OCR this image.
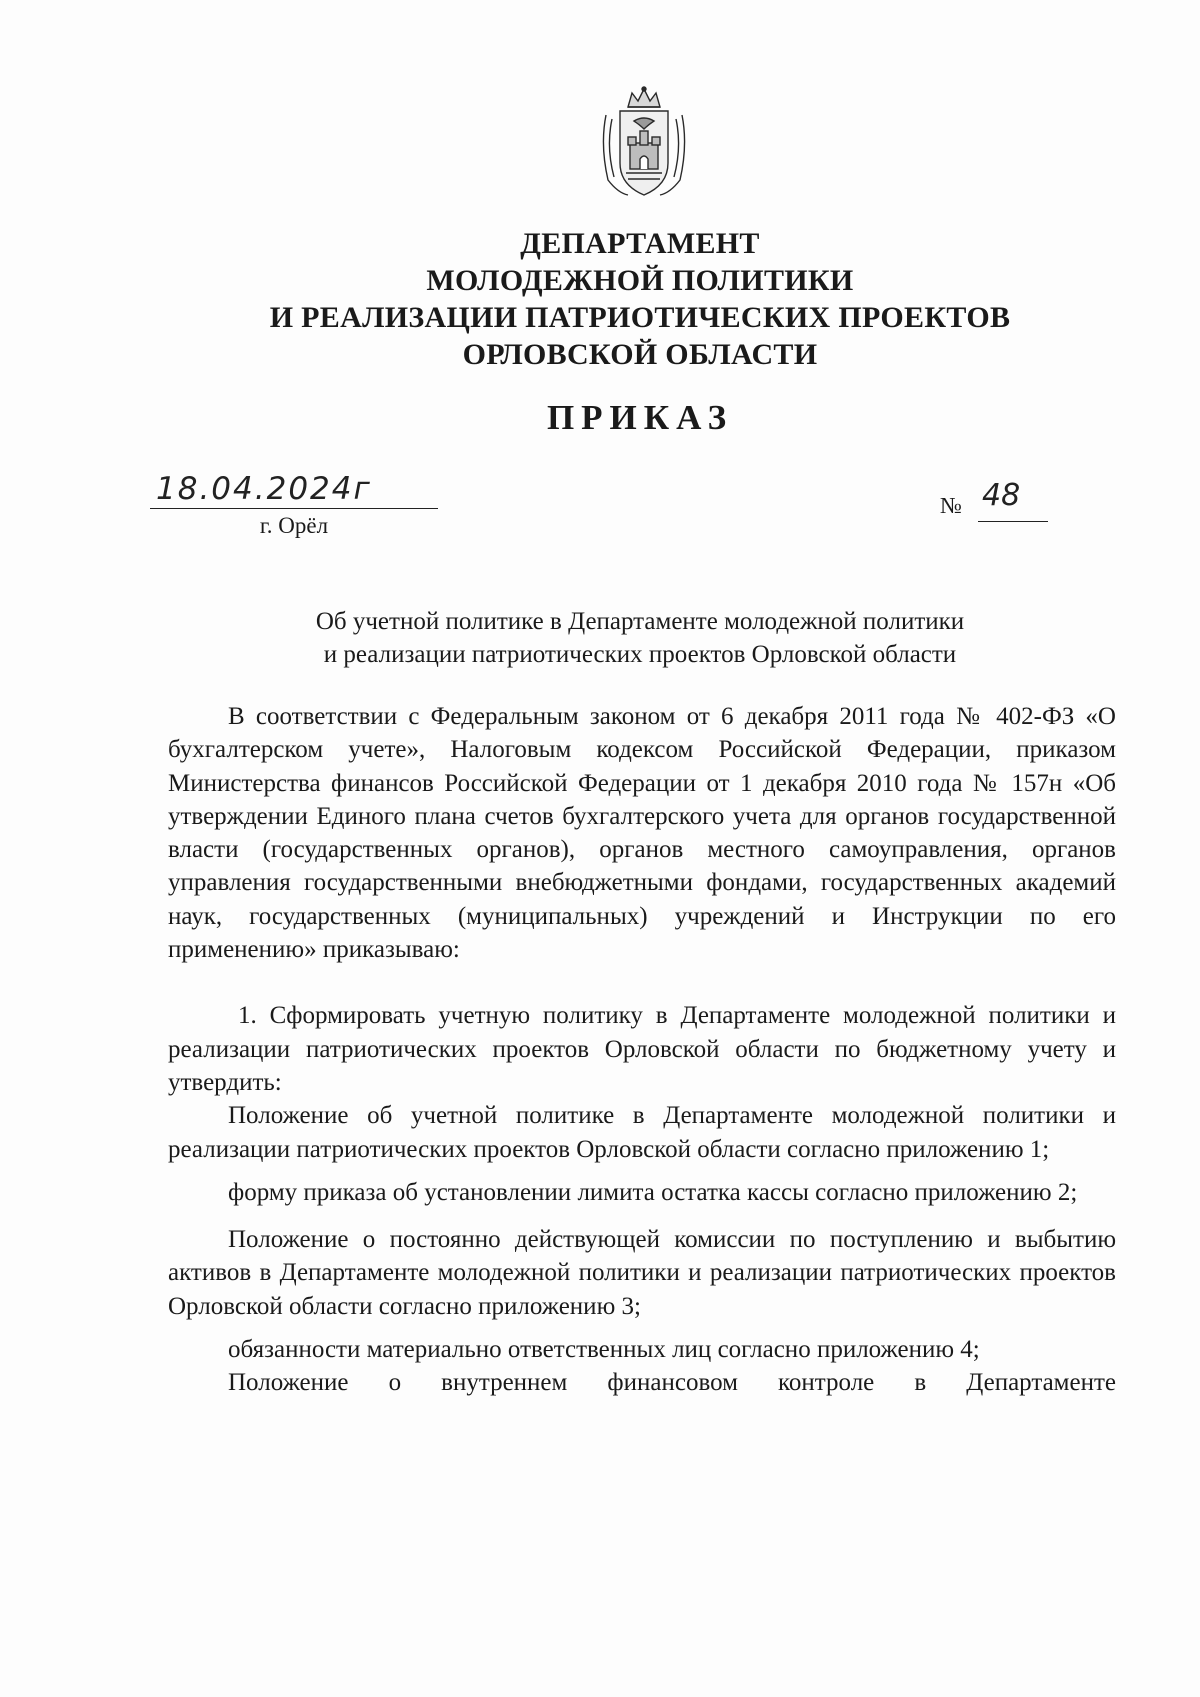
ДЕПАРТАМЕНТ
МОЛОДЕЖНОЙ ПОЛИТИКИ
И РЕАЛИЗАЦИИ ПАТРИОТИЧЕСКИХ ПРОЕКТОВ
ОРЛОВСКОЙ ОБЛАСТИ
ПРИКАЗ
18.04.2024г
г. Орёл
№ 48
Об учетной политике в Департаменте молодежной политики
и реализации патриотических проектов Орловской области

В соответствии с Федеральным законом от 6 декабря 2011 года № 402-ФЗ «О бухгалтерском учете», Налоговым кодексом Российской Федерации, приказом Министерства финансов Российской Федерации от 1 декабря 2010 года № 157н «Об утверждении Единого плана счетов бухгалтерского учета для органов государственной власти (государственных органов), органов местного самоуправления, органов управления государственными внебюджетными фондами, государственных академий наук, государственных (муниципальных) учреждений и Инструкции по его применению» приказываю:

1. Сформировать учетную политику в Департаменте молодежной политики и реализации патриотических проектов Орловской области по бюджетному учету и утвердить:

Положение об учетной политике в Департаменте молодежной политики и реализации патриотических проектов Орловской области согласно приложению 1;

форму приказа об установлении лимита остатка кассы согласно приложению 2;

Положение о постоянно действующей комиссии по поступлению и выбытию активов в Департаменте молодежной политики и реализации патриотических проектов Орловской области согласно приложению 3;

обязанности материально ответственных лиц согласно приложению 4;

Положение о внутреннем финансовом контроле в Департаменте
